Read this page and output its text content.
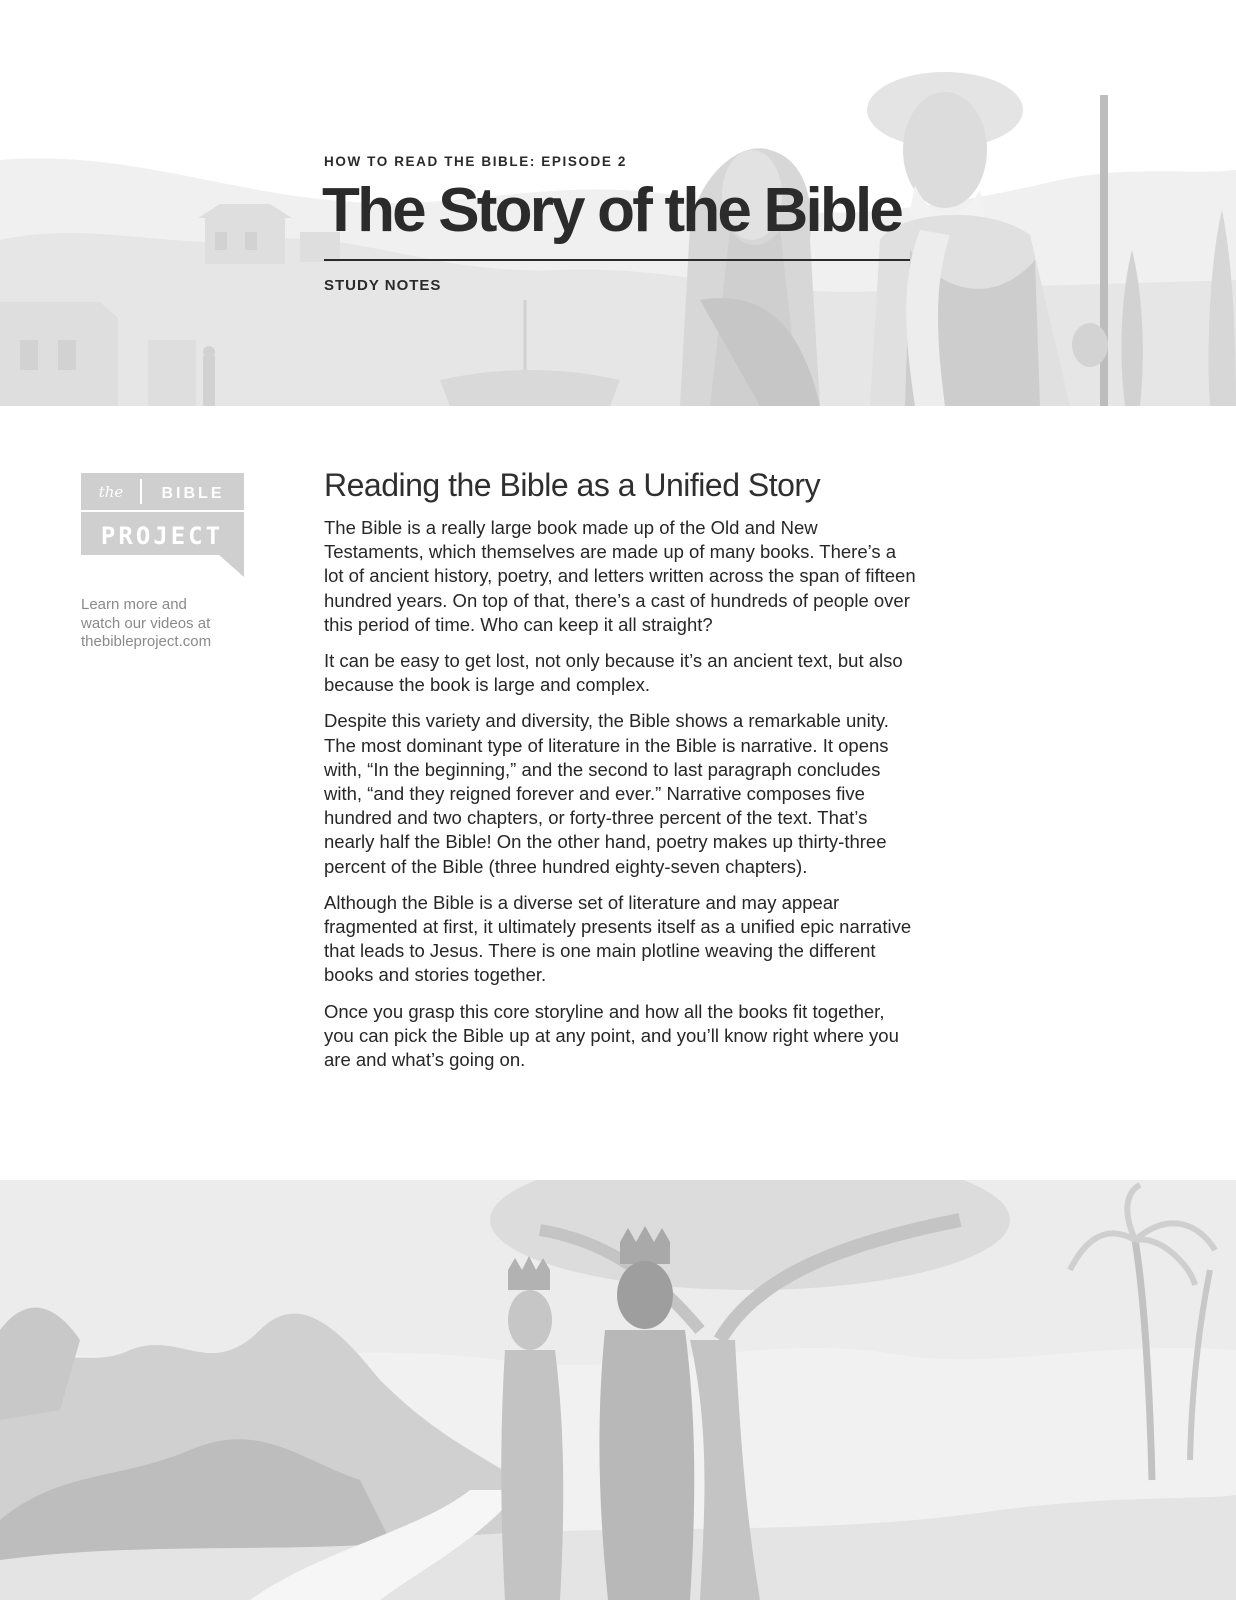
HOW TO READ THE BIBLE: EPISODE 2
The Story of the Bible
STUDY NOTES
the BIBLE
PROJECT
Learn more and
watch our videos at
thebibleproject.com
Reading the Bible as a Unified Story

The Bible is a really large book made up of the Old and New Testaments, which themselves are made up of many books. There’s a lot of ancient history, poetry, and letters written across the span of fifteen hundred years. On top of that, there’s a cast of hundreds of people over this period of time. Who can keep it all straight?

It can be easy to get lost, not only because it’s an ancient text, but also because the book is large and complex.

Despite this variety and diversity, the Bible shows a remarkable unity. The most dominant type of literature in the Bible is narrative. It opens with, “In the beginning,” and the second to last paragraph concludes with, “and they reigned forever and ever.” Narrative composes five hundred and two chapters, or forty-three percent of the text. That’s nearly half the Bible! On the other hand, poetry makes up thirty-three percent of the Bible (three hundred eighty-seven chapters).

Although the Bible is a diverse set of literature and may appear fragmented at first, it ultimately presents itself as a unified epic narrative that leads to Jesus. There is one main plotline weaving the different books and stories together.

Once you grasp this core storyline and how all the books fit together, you can pick the Bible up at any point, and you’ll know right where you are and what’s going on.
